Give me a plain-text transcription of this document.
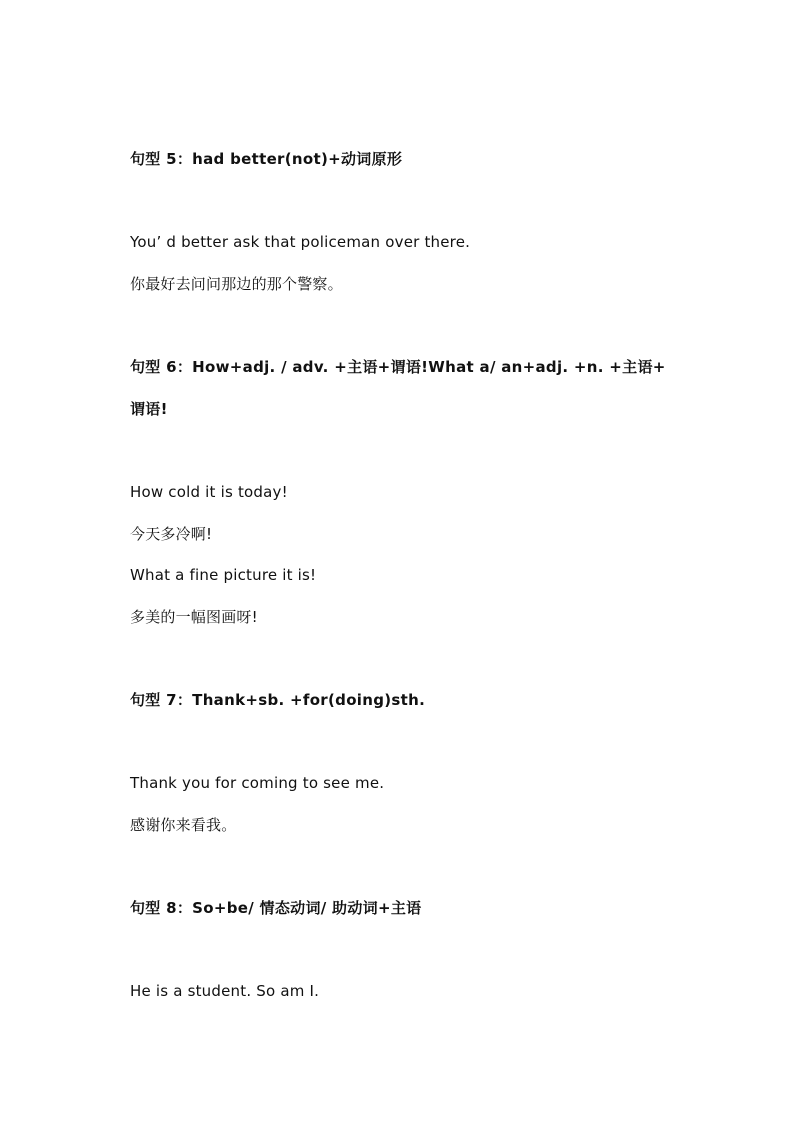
句型 5：had better(not)+动词原形
You’ d better ask that policeman over there.
你最好去问问那边的那个警察。
句型 6：How+adj. / adv. +主语+谓语!What a/ an+adj. +n. +主语+
谓语!
How cold it is today!
今天多冷啊!
What a fine picture it is!
多美的一幅图画呀!
句型 7：Thank+sb. +for(doing)sth.
Thank you for coming to see me.
感谢你来看我。
句型 8：So+be/ 情态动词/ 助动词+主语
He is a student. So am I.
